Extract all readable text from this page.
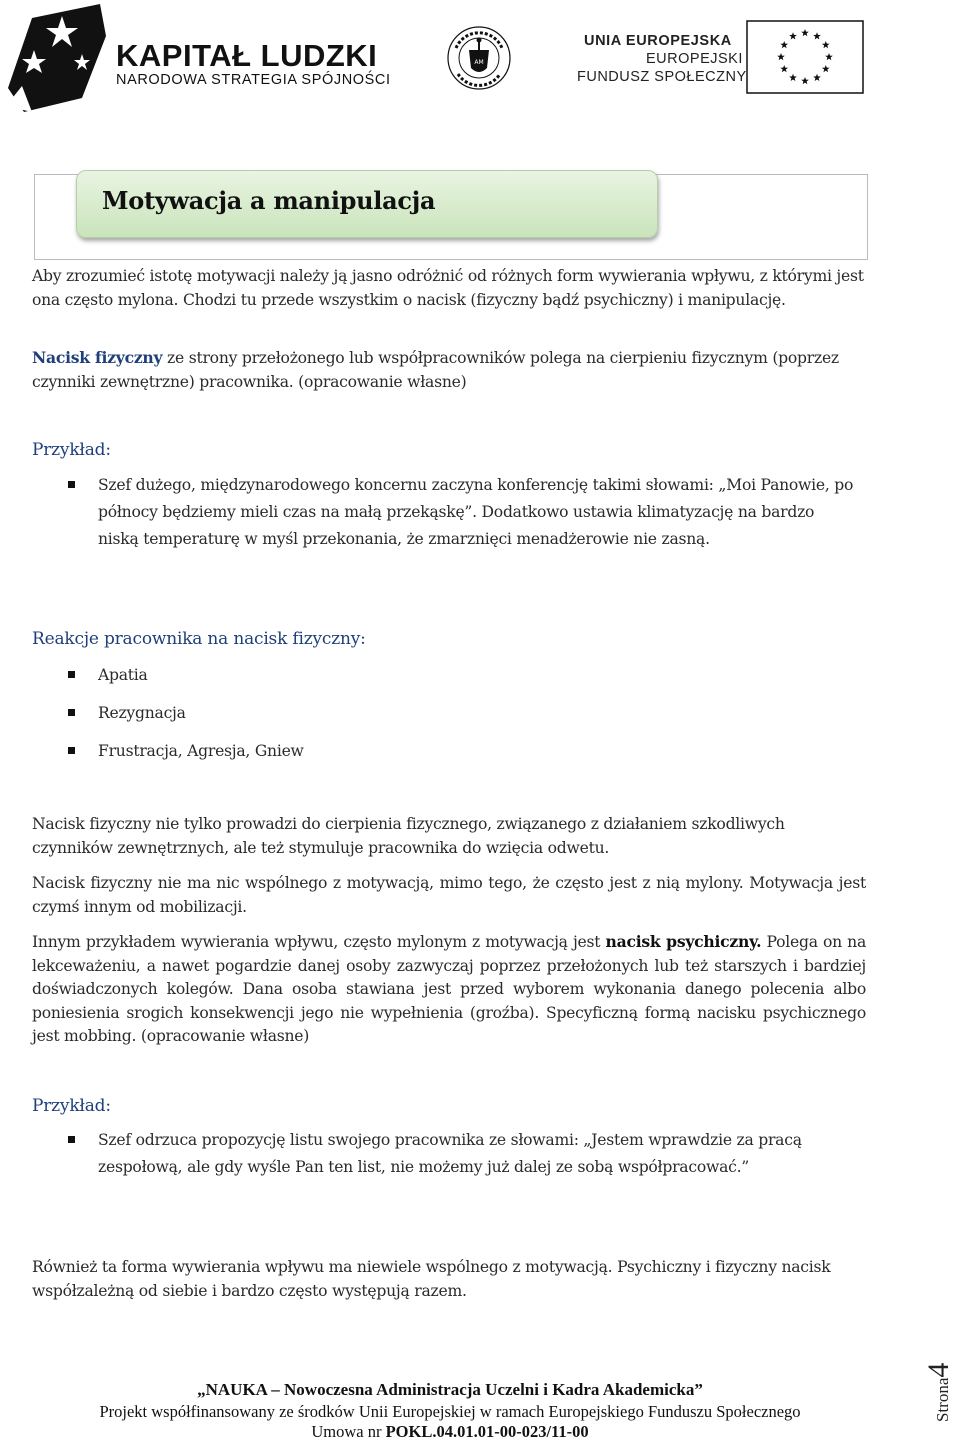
KAPITAŁ LUDZKI
NARODOWA STRATEGIA SPÓJNOŚCI
AM
UNIA EUROPEJSKA
EUROPEJSKI
FUNDUSZ SPOŁECZNY
Motywacja a manipulacja
Aby zrozumieć istotę motywacji należy ją jasno odróżnić od różnych form wywierania wpływu, z którymi jest ona często mylona. Chodzi tu przede wszystkim o nacisk (fizyczny bądź psychiczny) i manipulację.
Nacisk fizyczny ze strony przełożonego lub współpracowników polega na cierpieniu fizycznym (poprzez czynniki zewnętrzne) pracownika. (opracowanie własne)
Przykład:
Szef dużego, międzynarodowego koncernu zaczyna konferencję takimi słowami: „Moi Panowie, po północy będziemy mieli czas na małą przekąskę”. Dodatkowo ustawia klimatyzację na bardzo niską temperaturę w myśl przekonania, że zmarznięci menadżerowie nie zasną.
Reakcje pracownika na nacisk fizyczny:
Apatia
Rezygnacja
Frustracja, Agresja, Gniew
Nacisk fizyczny nie tylko prowadzi do cierpienia fizycznego, związanego z działaniem szkodliwych czynników zewnętrznych, ale też stymuluje pracownika do wzięcia odwetu.
Nacisk fizyczny nie ma nic wspólnego z motywacją, mimo tego, że często jest z nią mylony. Motywacja jest czymś innym od mobilizacji.
Innym przykładem wywierania wpływu, często mylonym z motywacją jest nacisk psychiczny. Polega on na lekceważeniu, a nawet pogardzie danej osoby zazwyczaj poprzez przełożonych lub też starszych i bardziej doświadczonych kolegów. Dana osoba stawiana jest przed wyborem wykonania danego polecenia albo poniesienia srogich konsekwencji jego nie wypełnienia (groźba). Specyficzną formą nacisku psychicznego jest mobbing. (opracowanie własne)
Przykład:
Szef odrzuca propozycję listu swojego pracownika ze słowami: „Jestem wprawdzie za pracą zespołową, ale gdy wyśle Pan ten list, nie możemy już dalej ze sobą współpracować.”
Również ta forma wywierania wpływu ma niewiele wspólnego z motywacją. Psychiczny i fizyczny nacisk współzależną od siebie i bardzo często występują razem.
„NAUKA – Nowoczesna Administracja Uczelni i Kadra Akademicka”
Projekt współfinansowany ze środków Unii Europejskiej w ramach Europejskiego Funduszu Społecznego
Umowa nr POKL.04.01.01-00-023/11-00
Strona4
